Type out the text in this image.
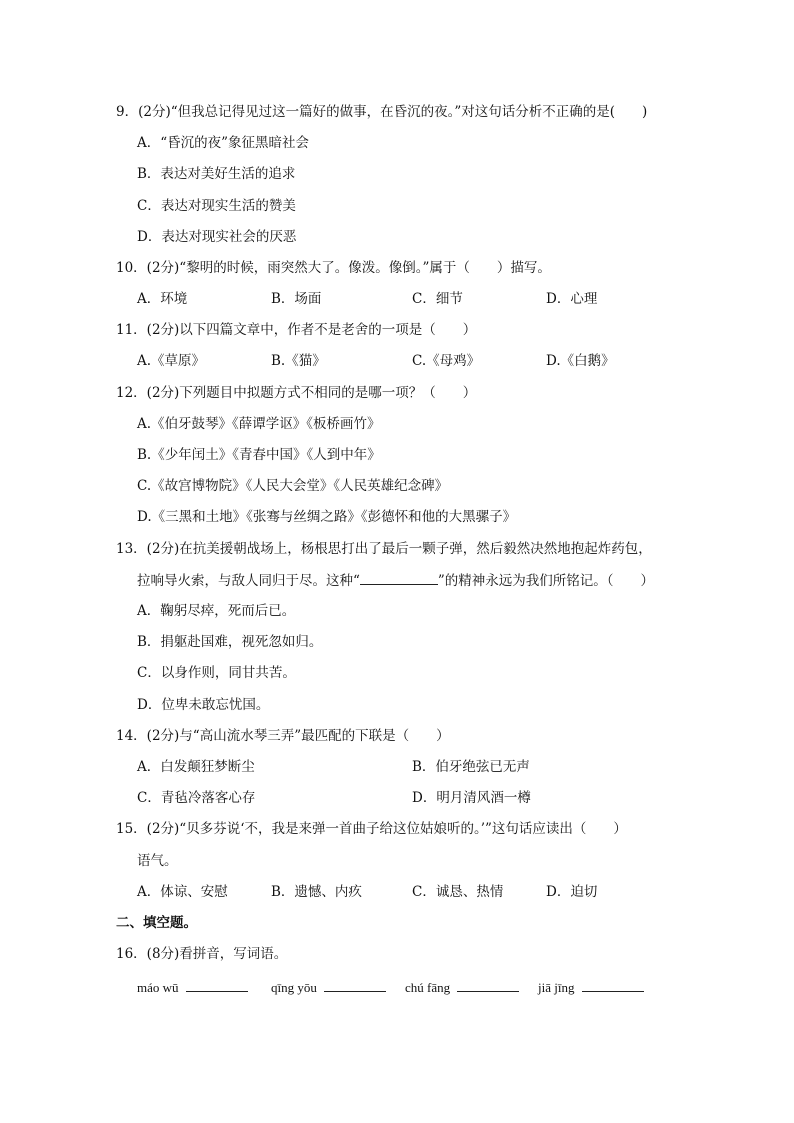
9．(2分)“但我总记得见过这一篇好的做事，在昏沉的夜。”对这句话分析不正确的是(　　)
A．“昏沉的夜”象征黑暗社会
B．表达对美好生活的追求
C．表达对现实生活的赞美
D．表达对现实社会的厌恶
10．(2分)“黎明的时候，雨突然大了。像泼。像倒。”属于（　　）描写。
A．环境	B．场面	C．细节	D．心理
11．(2分)以下四篇文章中，作者不是老舍的一项是（　　）
A.《草原》	B.《猫》	C.《母鸡》	D.《白鹅》
12．(2分)下列题目中拟题方式不相同的是哪一项？（　　）
A.《伯牙鼓琴》《薛谭学讴》《板桥画竹》
B.《少年闰土》《青春中国》《人到中年》
C.《故宫博物院》《人民大会堂》《人民英雄纪念碑》
D.《三黑和土地》《张骞与丝绸之路》《彭德怀和他的大黑骡子》
13．(2分)在抗美援朝战场上，杨根思打出了最后一颗子弹，然后毅然决然地抱起炸药包，
拉响导火索，与敌人同归于尽。这种“	”的精神永远为我们所铭记。（　　）
A．鞠躬尽瘁，死而后已。
B．捐躯赴国难，视死忽如归。
C．以身作则，同甘共苦。
D．位卑未敢忘忧国。
14．(2分)与“高山流水琴三弄”最匹配的下联是（　　）
A．白发颠狂梦断尘	B．伯牙绝弦已无声
C．青毡冷落客心存	D．明月清风酒一樽
15．(2分)“贝多芬说‘不，我是来弹一首曲子给这位姑娘听的。’”这句话应读出（　　）
语气。
A．体谅、安慰	B．遗憾、内疚	C．诚恳、热情	D．迫切
二、填空题。
16．(8分)看拼音，写词语。
máo wū	qīng yōu	chú fāng	jiā jīng
